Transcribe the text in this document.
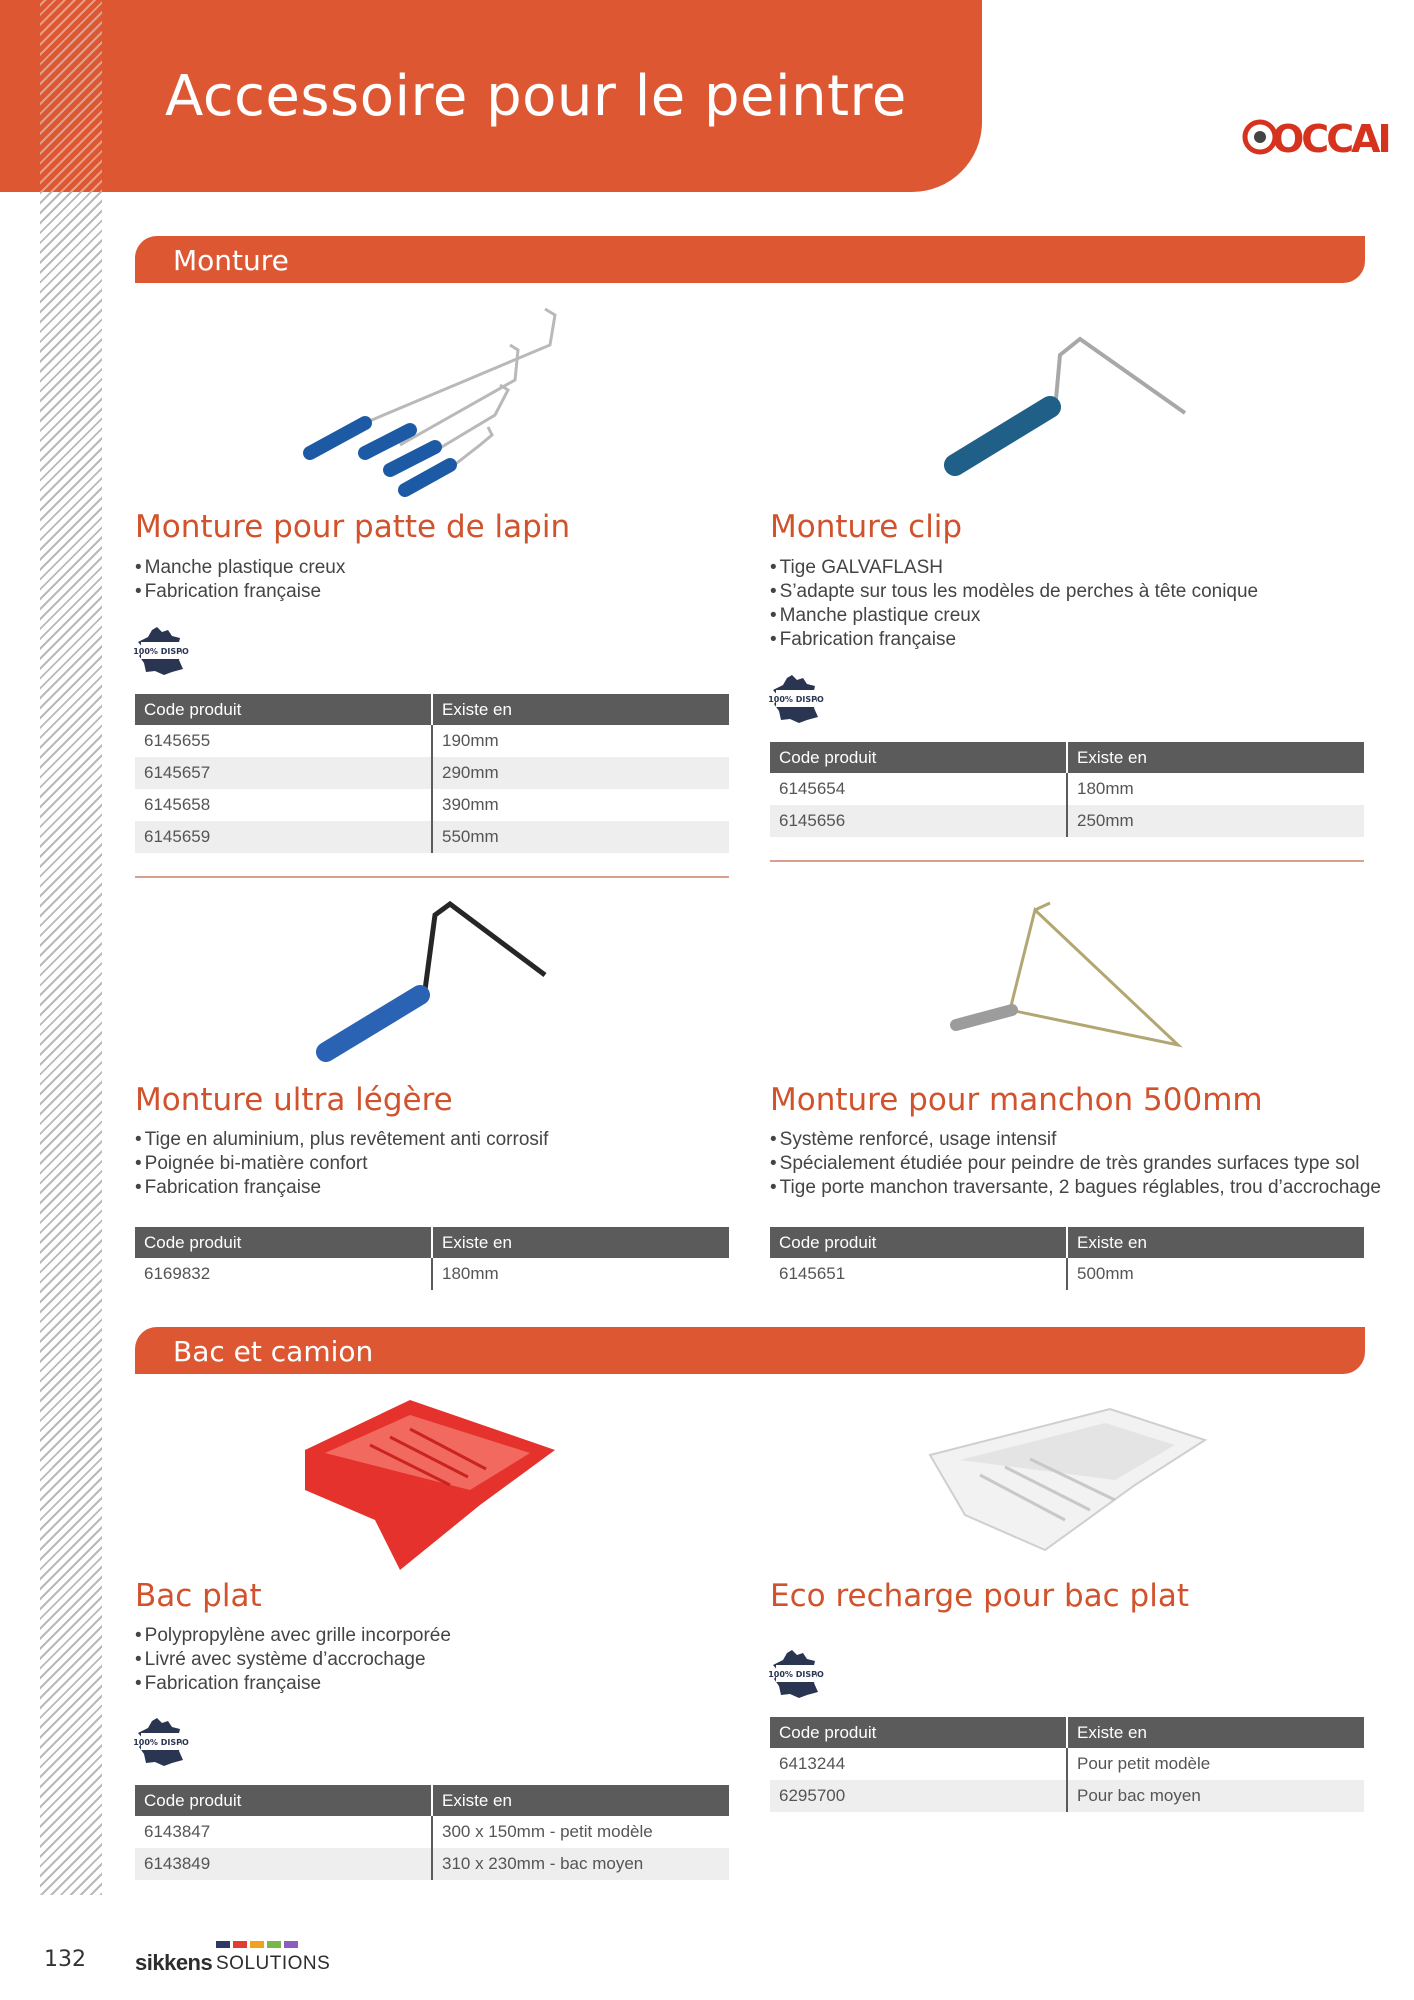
Accessoire pour le peintre
OCCAI
Monture
Monture pour patte de lapin
• Manche plastique creux
• Fabrication française
100% DISPO
Code produit	Existe en
6145655	190mm
6145657	290mm
6145658	390mm
6145659	550mm
Monture clip
• Tige GALVAFLASH
• S’adapte sur tous les modèles de perches à tête conique
• Manche plastique creux
• Fabrication française
100% DISPO
Code produit	Existe en
6145654	180mm
6145656	250mm
Monture ultra légère
• Tige en aluminium, plus revêtement anti corrosif
• Poignée bi-matière confort
• Fabrication française
Code produit	Existe en
6169832	180mm
Monture pour manchon 500mm
• Système renforcé, usage intensif
• Spécialement étudiée pour peindre de très grandes surfaces type sol
• Tige porte manchon traversante, 2 bagues réglables, trou d’accrochage
Code produit	Existe en
6145651	500mm
Bac et camion
Bac plat
• Polypropylène avec grille incorporée
• Livré avec système d’accrochage
• Fabrication française
100% DISPO
Code produit	Existe en
6143847	300 x 150mm - petit modèle
6143849	310 x 230mm - bac moyen
Eco recharge pour bac plat
100% DISPO
Code produit	Existe en
6413244	Pour petit modèle
6295700	Pour bac moyen
132 sikkens SOLUTIONS
